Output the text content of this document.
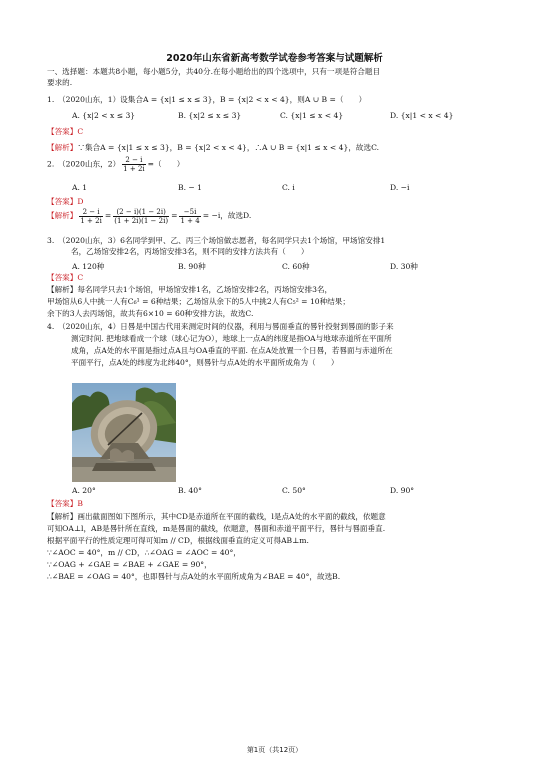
2020年山东省新高考数学试卷参考答案与试题解析
一、选择题：本题共8小题，每小题5分，共40分.在每小题给出的四个选项中，只有一项是符合题目
要求的.
1.　（2020山东，1）设集合A = {x|1 ≤ x ≤ 3}，B = {x|2 < x < 4}，则A ∪ B =（　　）
A. {x|2 < x ≤ 3}	B. {x|2 ≤ x ≤ 3}	C. {x|1 ≤ x < 4}	D. {x|1 < x < 4}
【答案】C
【解析】∵集合A = {x|1 ≤ x ≤ 3}，B = {x|2 < x < 4}，∴A ∪ B = {x|1 ≤ x < 4}，故选C.
2.　（2020山东，$2) \frac{2 - i}{1 + 2i}$ =（　　）
A. 1	B. − 1	C. i	D. −i
【答案】D
【解析】 $\frac{2 - i}{1 + 2i} = \frac{(2 - i)(1 - 2i)}{(1 + 2i)(1 - 2i)} = \frac{-5i}{1 + 4} = -i$，故选D.
3.　（2020山东，3）6名同学到甲、乙、丙三个场馆做志愿者，每名同学只去1个场馆，甲场馆安排1
名，乙场馆安排2名，丙场馆安排3名，则不同的安排方法共有（　　）
A. 120种	B. 90种	C. 60种	D. 30种
【答案】C
【解析】每名同学只去1个场馆，甲场馆安排1名，乙场馆安排2名，丙场馆安排3名，
甲场馆从6人中挑一人有C₆¹ = 6种结果；乙场馆从余下的5人中挑2人有C₅² = 10种结果；
余下的3人去丙场馆，故共有6×10 = 60种安排方法，故选C.
4.　（2020山东，4）日晷是中国古代用来测定时间的仪器，利用与晷面垂直的晷针投射到晷面的影子来
测定时间. 把地球看成一个球（球心记为O），地球上一点A的纬度是指OA与地球赤道所在平面所
成角，点A处的水平面是指过点A且与OA垂直的平面. 在点A处放置一个日晷，若晷面与赤道所在
平面平行，点A处的纬度为北纬40°，则晷针与点A处的水平面所成角为（　　）
A. 20°	B. 40°	C. 50°	D. 90°
【答案】B
【解析】画出截面图如下图所示，其中CD是赤道所在平面的截线，l是点A处的水平面的截线，依题意
可知OA⊥l，AB是晷针所在直线，m是晷面的截线，依题意，晷面和赤道平面平行，晷针与晷面垂直.
根据平面平行的性质定理可得可知m // CD，根据线面垂直的定义可得AB⊥m.
∵∠AOC = 40°，m // CD，∴∠OAG = ∠AOC = 40°，
∵∠OAG + ∠GAE = ∠BAE + ∠GAE = 90°，
∴∠BAE = ∠OAG = 40°，也即晷针与点A处的水平面所成角为∠BAE = 40°，故选B.
第1页（共12页）
